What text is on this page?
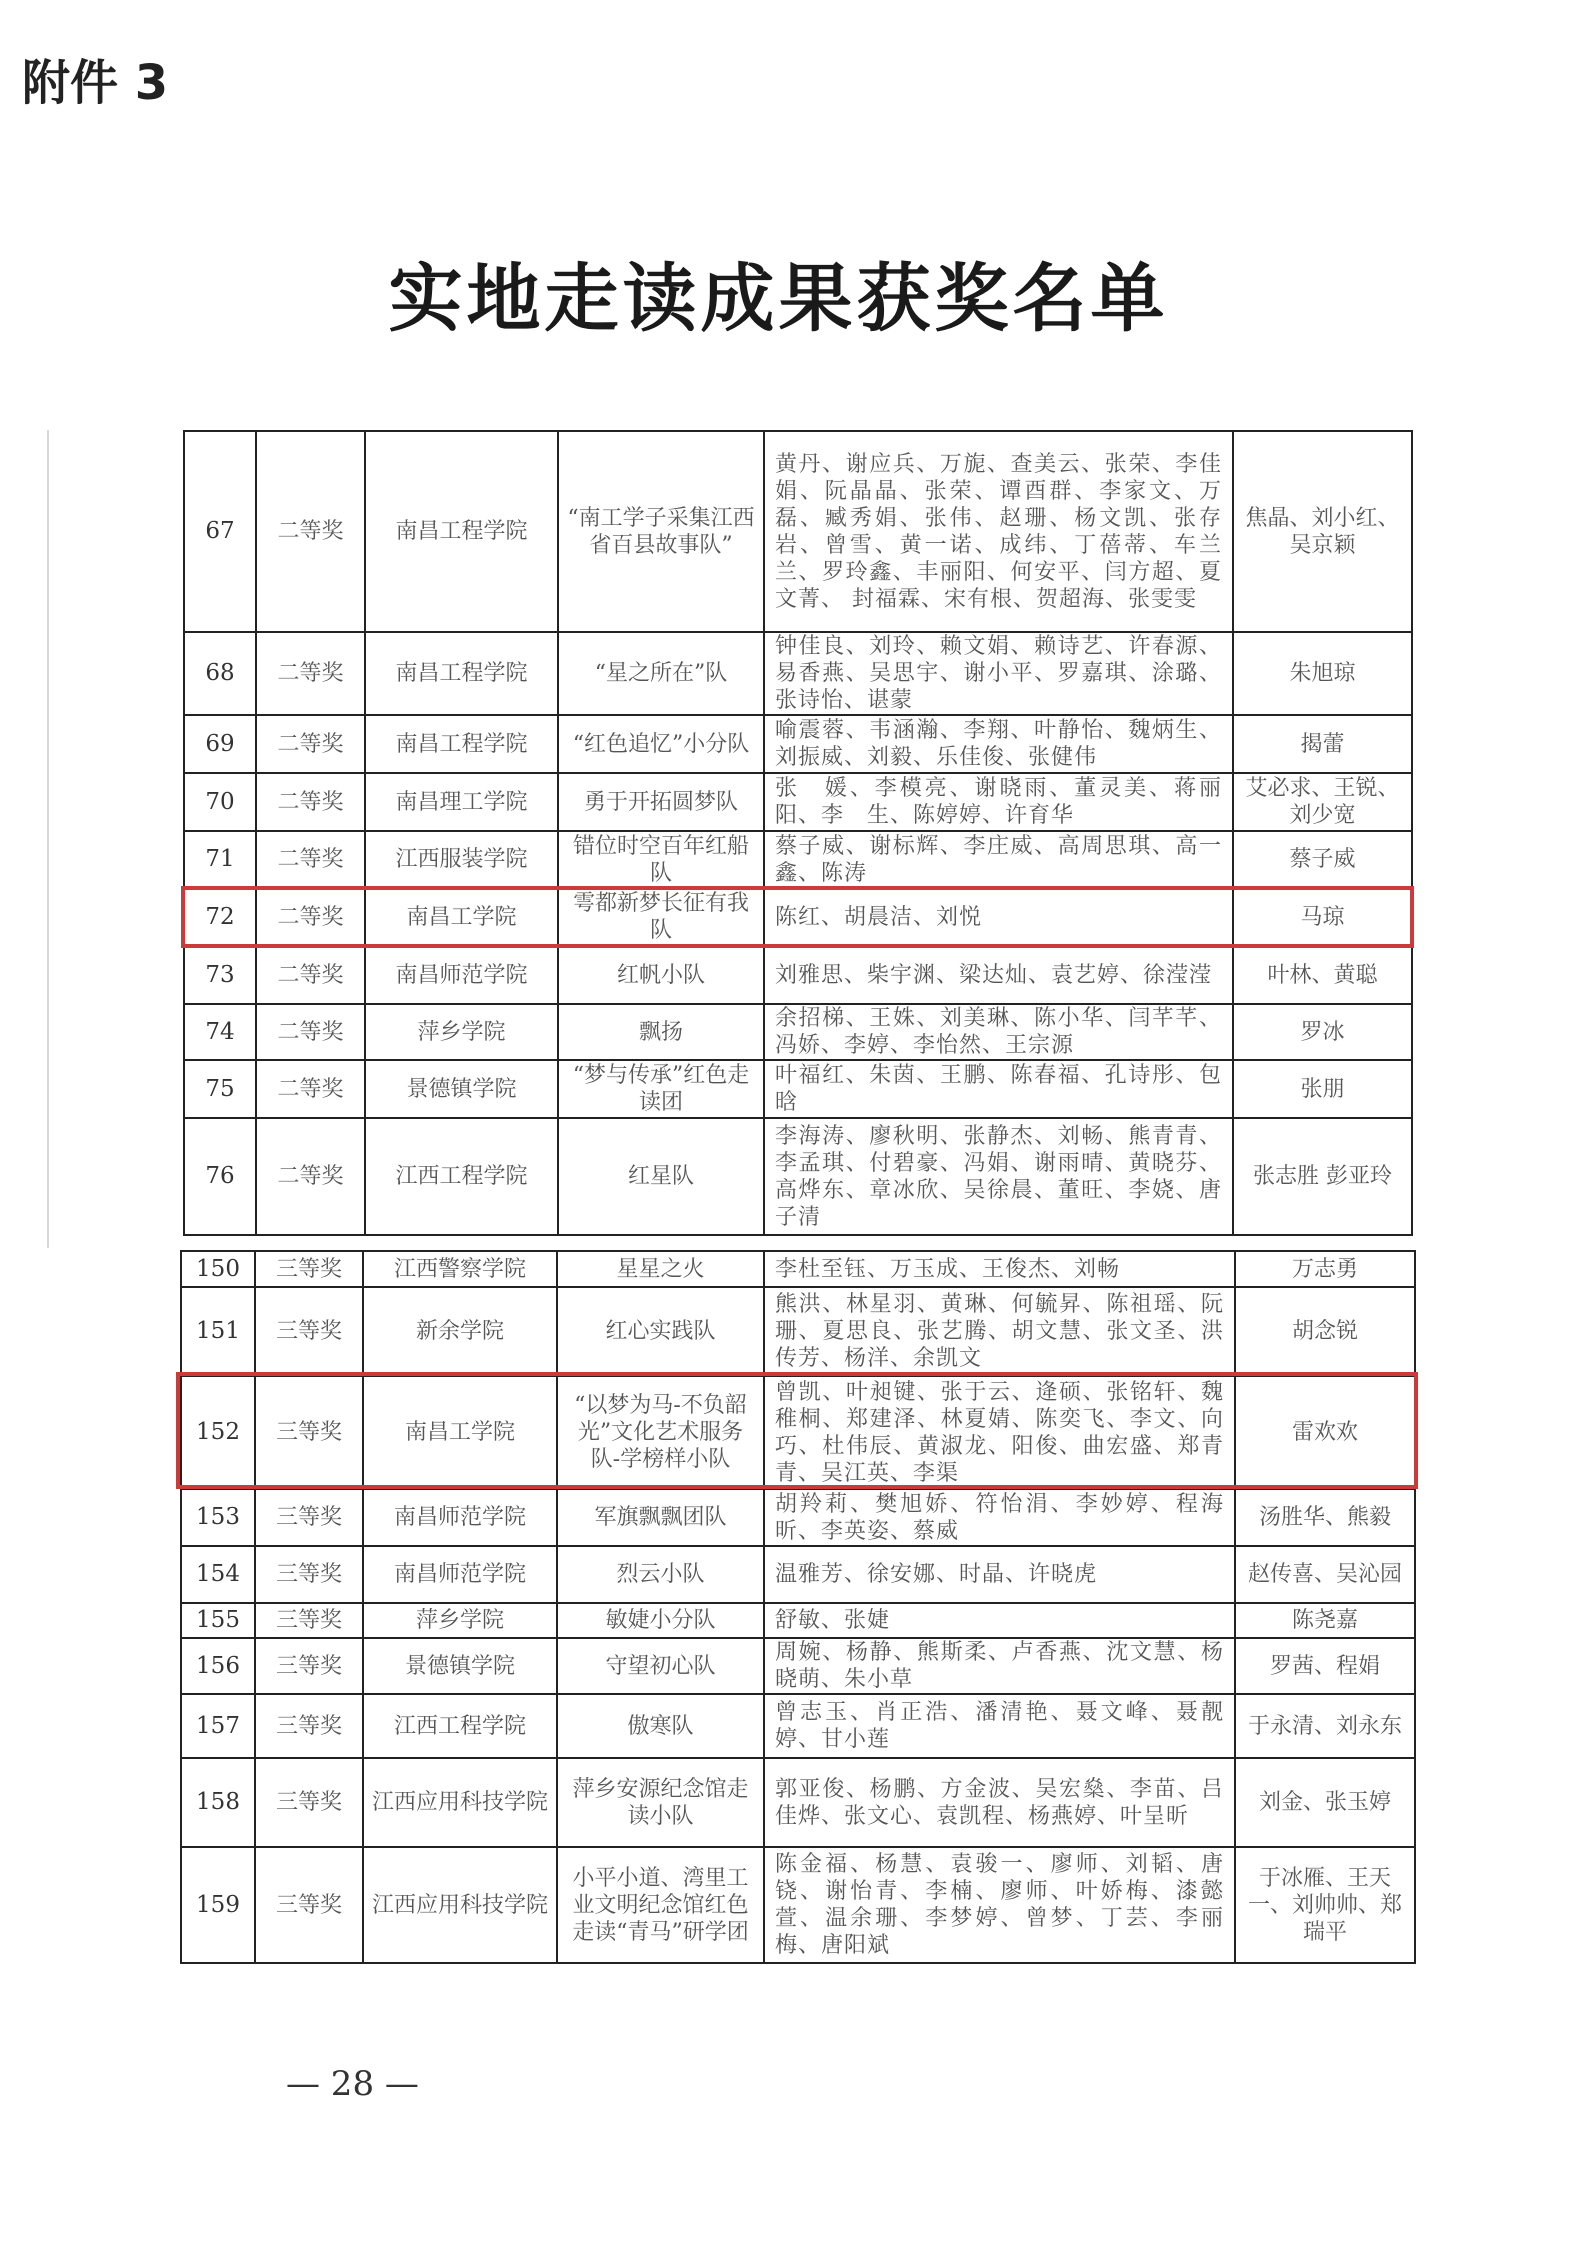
附件 3
实地走读成果获奖名单
67	二等奖	南昌工程学院	“南工学子采集江西省百县故事队”	黄丹、谢应兵、万旎、查美云、张荣、李佳娟、阮晶晶、张荣、谭酉群、李家文、万磊、臧秀娟、张伟、赵珊、杨文凯、张存岩、曾雪、黄一诺、成纬、丁蓓蒂、车兰兰、罗玲鑫、丰丽阳、何安平、闫方超、夏文菁、 封福霖、宋有根、贺超海、张雯雯	焦晶、刘小红、吴京颖
68	二等奖	南昌工程学院	“星之所在”队	钟佳良、刘玲、赖文娟、赖诗艺、许春源、易香燕、吴思宇、谢小平、罗嘉琪、涂璐、张诗怡、谌蒙	朱旭琼
69	二等奖	南昌工程学院	“红色追忆”小分队	喻震蓉、韦涵瀚、李翔、叶静怡、魏炳生、刘振威、刘毅、乐佳俊、张健伟	揭蕾
70	二等奖	南昌理工学院	勇于开拓圆梦队	张　媛、李模亮、谢晓雨、董灵美、蒋丽阳、李　生、陈婷婷、许育华	艾必求、王锐、刘少宽
71	二等奖	江西服装学院	错位时空百年红船队	蔡子威、谢标辉、李庄威、高周思琪、高一鑫、陈涛	蔡子威
72	二等奖	南昌工学院	雩都新梦长征有我队	陈红、胡晨洁、刘悦	马琼
73	二等奖	南昌师范学院	红帆小队	刘雅思、柴宇渊、梁达灿、袁艺婷、徐滢滢	叶林、黄聪
74	二等奖	萍乡学院	飘扬	余招梯、王姝、刘美琳、陈小华、闫芊芊、冯娇、李婷、李怡然、王宗源	罗冰
75	二等奖	景德镇学院	“梦与传承”红色走读团	叶福红、朱茵、王鹏、陈春福、孔诗彤、包晗	张朋
76	二等奖	江西工程学院	红星队	李海涛、廖秋明、张静杰、刘畅、熊青青、李孟琪、付碧豪、冯娟、谢雨晴、黄晓芬、高烨东、章冰欣、吴徐晨、董旺、李娆、唐子清	张志胜 彭亚玲
150	三等奖	江西警察学院	星星之火	李杜至钰、万玉成、王俊杰、刘畅	万志勇
151	三等奖	新余学院	红心实践队	熊洪、林星羽、黄琳、何毓昇、陈祖瑶、阮珊、夏思良、张艺腾、胡文慧、张文圣、洪传芳、杨洋、余凯文	胡念锐
152	三等奖	南昌工学院	“以梦为马-不负韶光”文化艺术服务队-学榜样小队	曾凯、叶昶键、张于云、逄硕、张铭轩、魏稚桐、郑建泽、林夏婧、陈奕飞、李文、向巧、杜伟辰、黄淑龙、阳俊、曲宏盛、郑青青、吴江英、李渠	雷欢欢
153	三等奖	南昌师范学院	军旗飘飘团队	胡羚莉、樊旭娇、符怡涓、李妙婷、程海昕、李英姿、蔡威	汤胜华、熊毅
154	三等奖	南昌师范学院	烈云小队	温雅芳、徐安娜、时晶、许晓虎	赵传喜、吴沁园
155	三等奖	萍乡学院	敏婕小分队	舒敏、张婕	陈尧嘉
156	三等奖	景德镇学院	守望初心队	周婉、杨静、熊斯柔、卢香燕、沈文慧、杨晓萌、朱小草	罗茜、程娟
157	三等奖	江西工程学院	傲寒队	曾志玉、肖正浩、潘清艳、聂文峰、聂靓婷、甘小莲	于永清、刘永东
158	三等奖	江西应用科技学院	萍乡安源纪念馆走读小队	郭亚俊、杨鹏、方金波、吴宏燊、李苗、吕佳烨、张文心、袁凯程、杨燕婷、叶呈昕	刘金、张玉婷
159	三等奖	江西应用科技学院	小平小道、湾里工业文明纪念馆红色走读“青马”研学团	陈金福、杨慧、袁骏一、廖师、刘韬、唐铙、谢怡青、李楠、廖师、叶娇梅、漆懿萱、温余珊、李梦婷、曾梦、丁芸、李丽梅、唐阳斌	于冰雁、王天一、刘帅帅、郑瑞平
— 28 —
